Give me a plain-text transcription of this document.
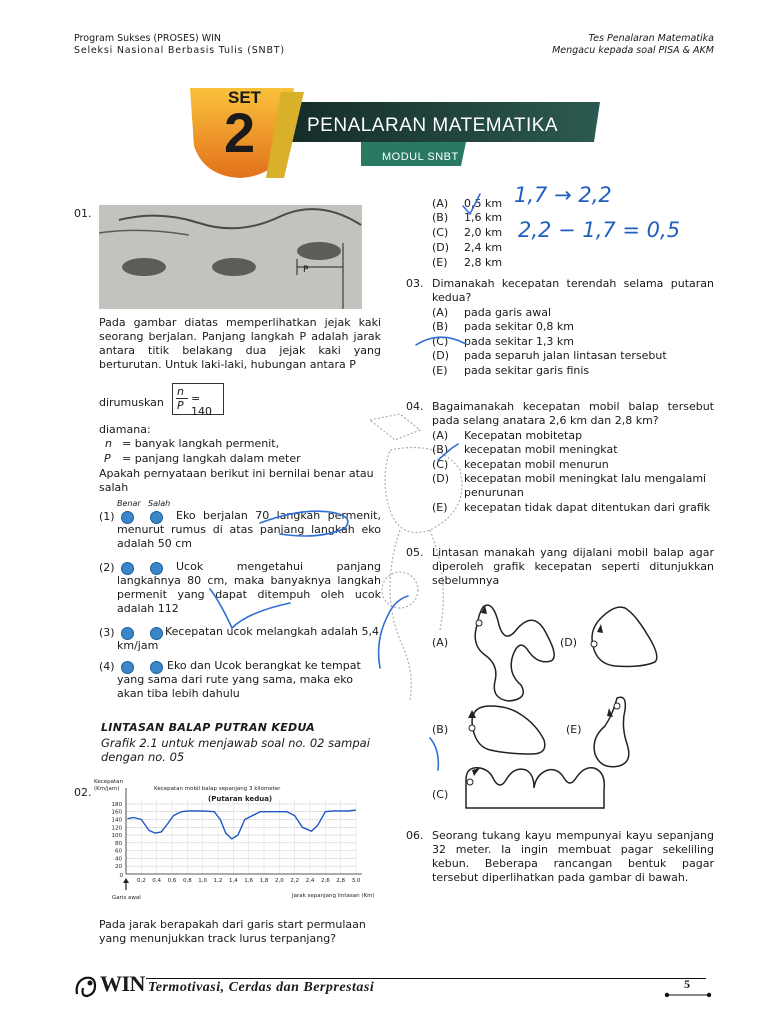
Program Sukses (PROSES) WIN
Seleksi Nasional Berbasis Tulis (SNBT)
Tes Penalaran Matematika
Mengacu kepada soal PISA & AKM
SET
2	PENALARAN MATEMATIKA
MODUL SNBT
01.
P
Pada gambar diatas memperlihatkan jejak kaki seorang berjalan. Panjang langkah P adalah jarak antara titik belakang dua jejak kaki yang berturutan. Untuk laki-laki, hubungan antara P
dirumuskan
n
P
= 140
diamana:
n = banyak langkah permenit,
P = panjang langkah dalam meter
Apakah pernyataan berikut ini bernilai benar atau salah
Benar Salah
(1)	Eko berjalan 70 langkah permenit, menurut rumus di atas panjang langkah eko adalah 50 cm
(2)	Ucok mengetahui panjang langkahnya 80 cm, maka banyaknya langkah permenit yang dapat ditempuh oleh ucok adalah 112
(3)	Kecepatan ucok melangkah adalah 5,4 km/jam
(4)	Eko dan Ucok berangkat ke tempat yang sama dari rute yang sama, maka eko akan tiba lebih dahulu
LINTASAN BALAP PUTRAN KEDUA
Grafik 2.1 untuk menjawab soal no. 02 sampai dengan no. 05
02.
20
40
60
80
100
120
140
160
180
0,2 0,4 0,6 0,8 1,0 1,2 1,4 1,6 1,8 2,0 2,2 2,4 2,6 2,8 3,0
0
Kecepatan
(Km/jam)	Kecepatan mobil balap sepanjang 3 kilometer
(Putaran kedua)
Jarak sepanjang lintasan (Km)
Garis awal
Pada jarak berapakah dari garis start permulaan yang menunjukkan track lurus terpanjang?
(A) 0,5 km
(B) 1,6 km
(C) 2,0 km
(D) 2,4 km
(E) 2,8 km
03. Dimanakah kecepatan terendah selama putaran kedua?
(A) pada garis awal
(B) pada sekitar 0,8 km
(C) pada sekitar 1,3 km
(D) pada separuh jalan lintasan tersebut
(E) pada sekitar garis finis
04. Bagaimanakah kecepatan mobil balap tersebut pada selang anatara 2,6 km dan 2,8 km?
(A) Kecepatan mobitetap
(B) kecepatan mobil meningkat
(C) kecepatan mobil menurun
(D)	kecepatan mobil meningkat lalu mengalami penurunan
(E)	kecepatan tidak dapat ditentukan dari grafik
05. Lintasan manakah yang dijalani mobil balap agar diperoleh grafik kecepatan seperti ditunjukkan sebelumnya
(A)	(D)
(B)	(E)
(C)
06. Seorang tukang kayu mempunyai kayu sepanjang 32 meter. Ia ingin membuat pagar sekeliling kebun. Beberapa rancangan bentuk pagar tersebut diperlihatkan pada gambar di bawah.
1,7 → 2,2
2,2 − 1,7 = 0,5
WIN Termotivasi, Cerdas dan Berprestasi	5
